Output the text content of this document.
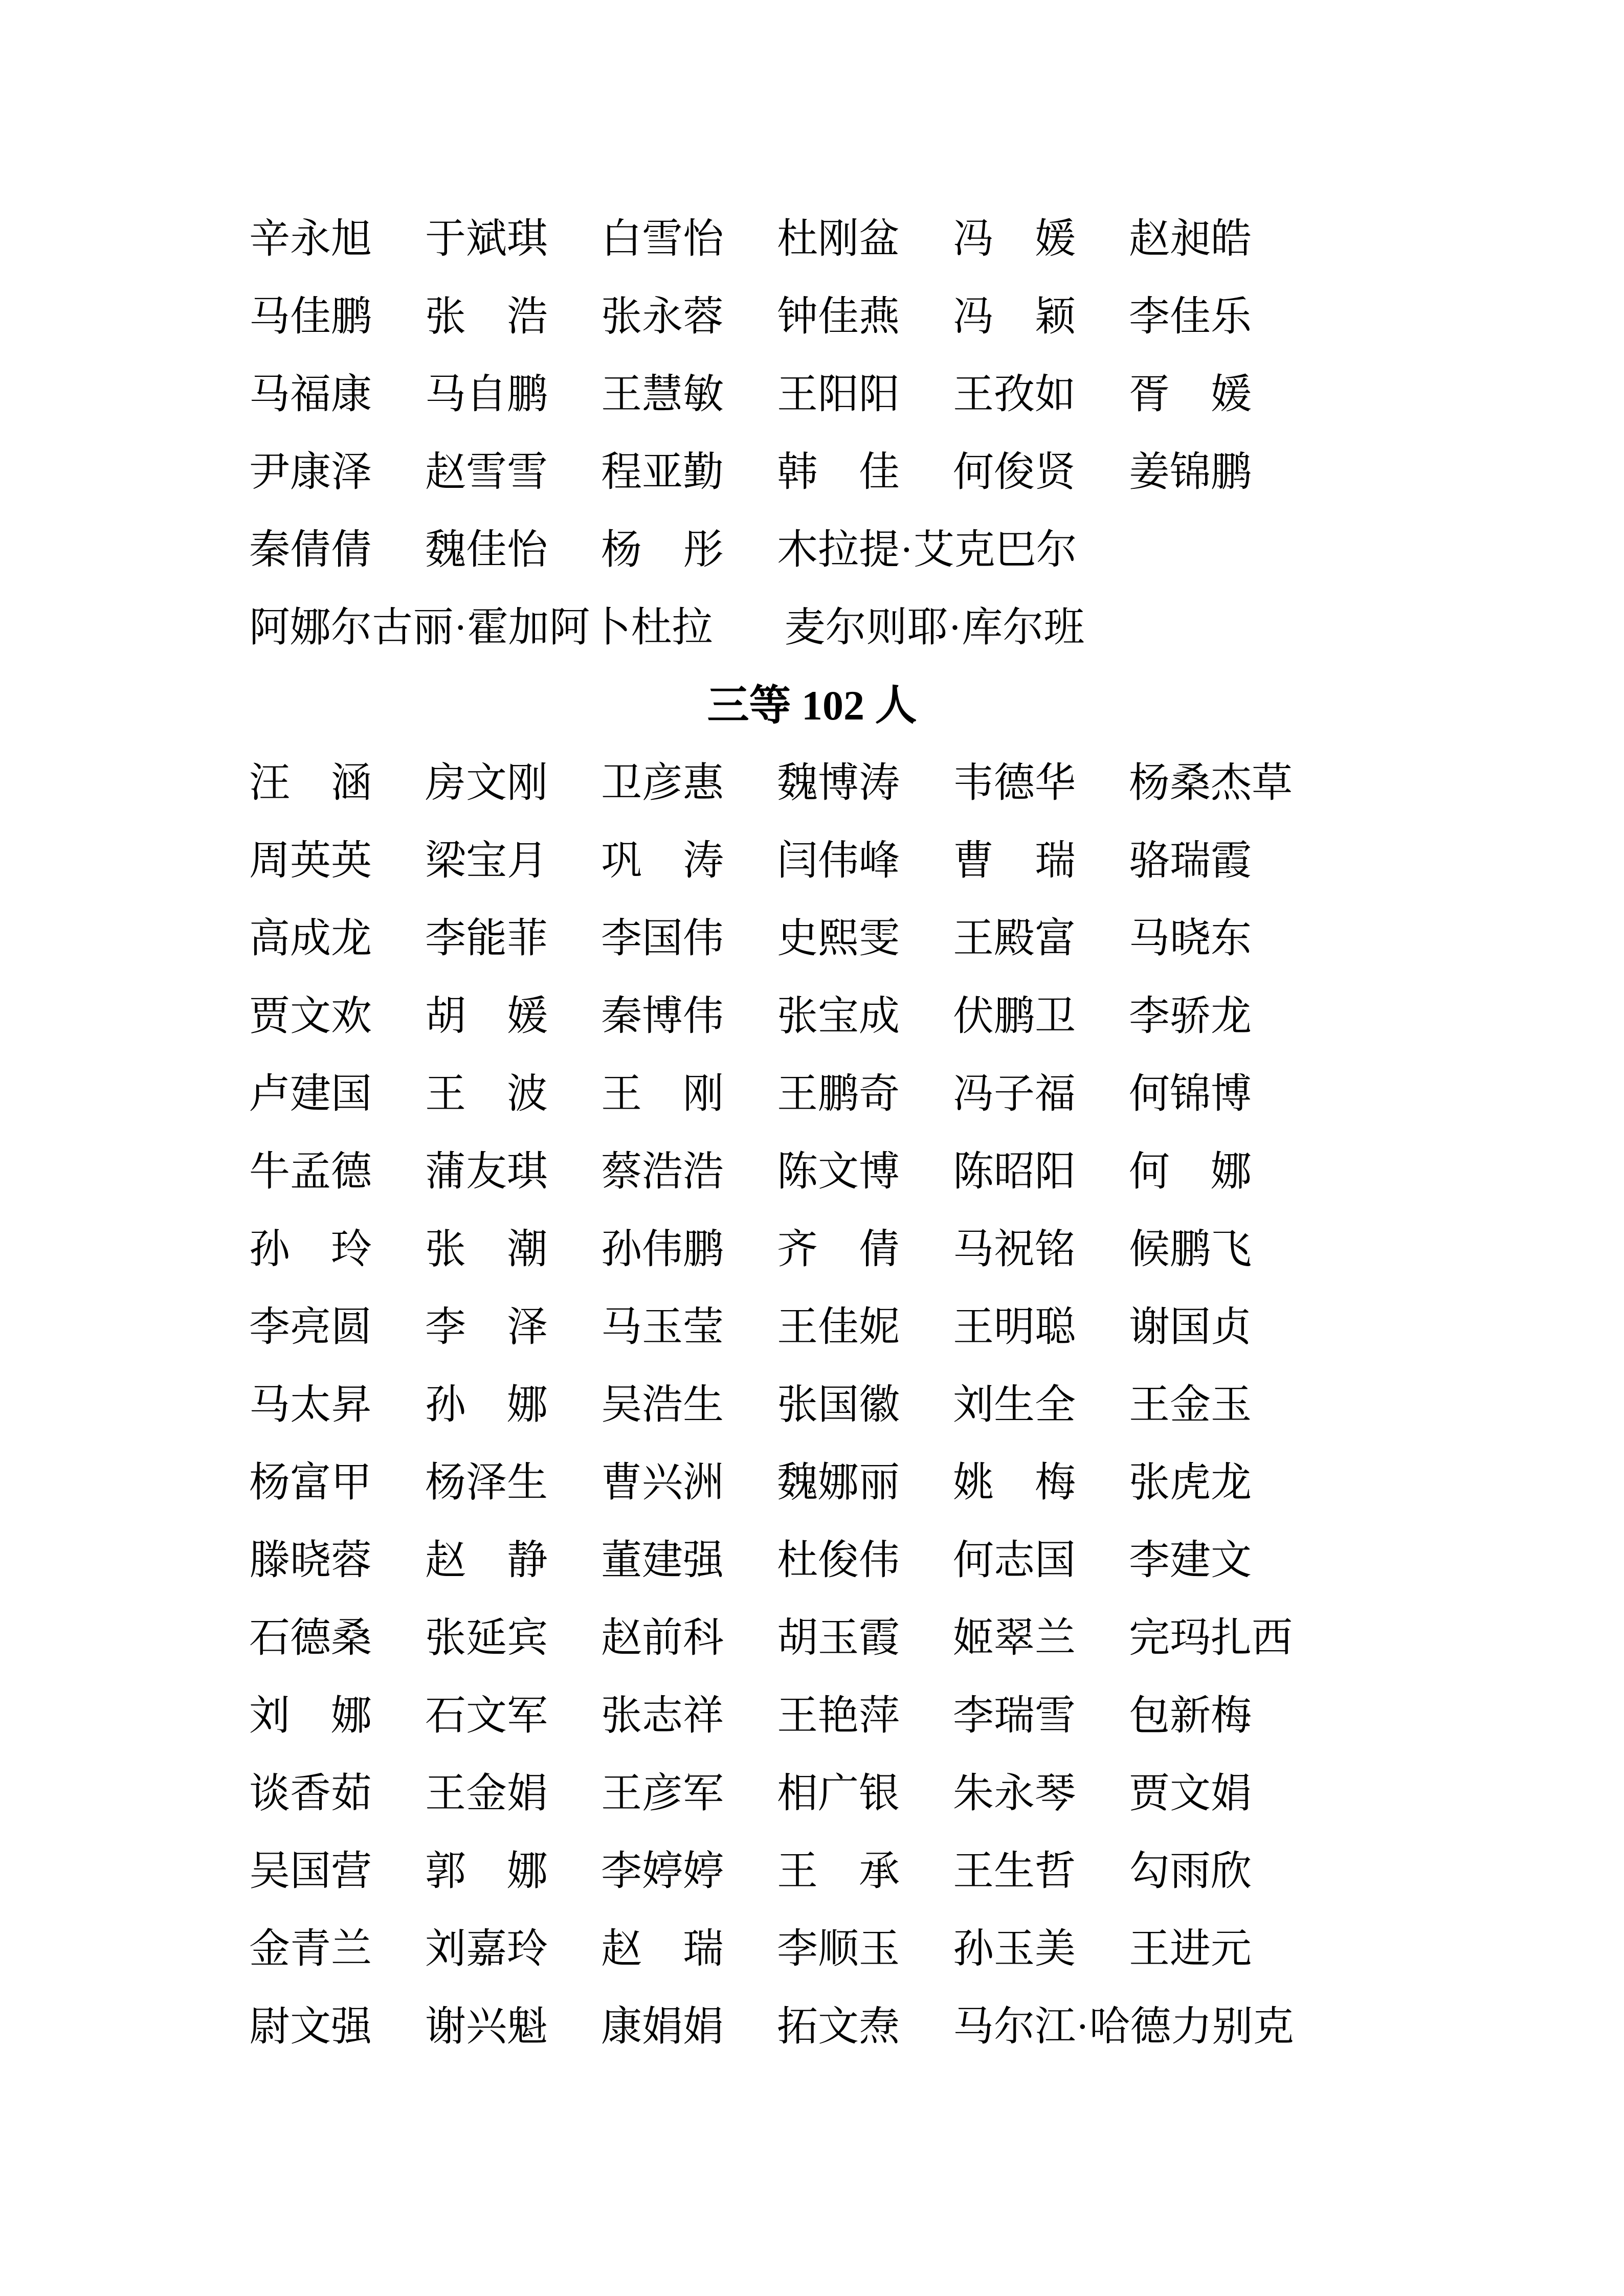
辛永旭 于斌琪 白雪怡 杜刚盆 冯　媛 赵昶皓
马佳鹏 张　浩 张永蓉 钟佳燕 冯　颖 李佳乐
马福康 马自鹏 王慧敏 王阳阳 王孜如 胥　媛
尹康泽 赵雪雪 程亚勤 韩　佳 何俊贤 姜锦鹏
秦倩倩 魏佳怡 杨　彤 木拉提·艾克巴尔
阿娜尔古丽·霍加阿卜杜拉 麦尔则耶·库尔班
三等 102 人
汪　涵 房文刚 卫彦惠 魏博涛 韦德华 杨桑杰草
周英英 梁宝月 巩　涛 闫伟峰 曹　瑞 骆瑞霞
高成龙 李能菲 李国伟 史熙雯 王殿富 马晓东
贾文欢 胡　媛 秦博伟 张宝成 伏鹏卫 李骄龙
卢建国 王　波 王　刚 王鹏奇 冯子福 何锦博
牛孟德 蒲友琪 蔡浩浩 陈文博 陈昭阳 何　娜
孙　玲 张　潮 孙伟鹏 齐　倩 马祝铭 候鹏飞
李亮圆 李　泽 马玉莹 王佳妮 王明聪 谢国贞
马太昇 孙　娜 吴浩生 张国徽 刘生全 王金玉
杨富甲 杨泽生 曹兴洲 魏娜丽 姚　梅 张虎龙
滕晓蓉 赵　静 董建强 杜俊伟 何志国 李建文
石德桑 张延宾 赵前科 胡玉霞 姬翠兰 完玛扎西
刘　娜 石文军 张志祥 王艳萍 李瑞雪 包新梅
谈香茹 王金娟 王彦军 相广银 朱永琴 贾文娟
吴国营 郭　娜 李婷婷 王　承 王生哲 勾雨欣
金青兰 刘嘉玲 赵　瑞 李顺玉 孙玉美 王进元
尉文强 谢兴魁 康娟娟 拓文焘 马尔江·哈德力别克
